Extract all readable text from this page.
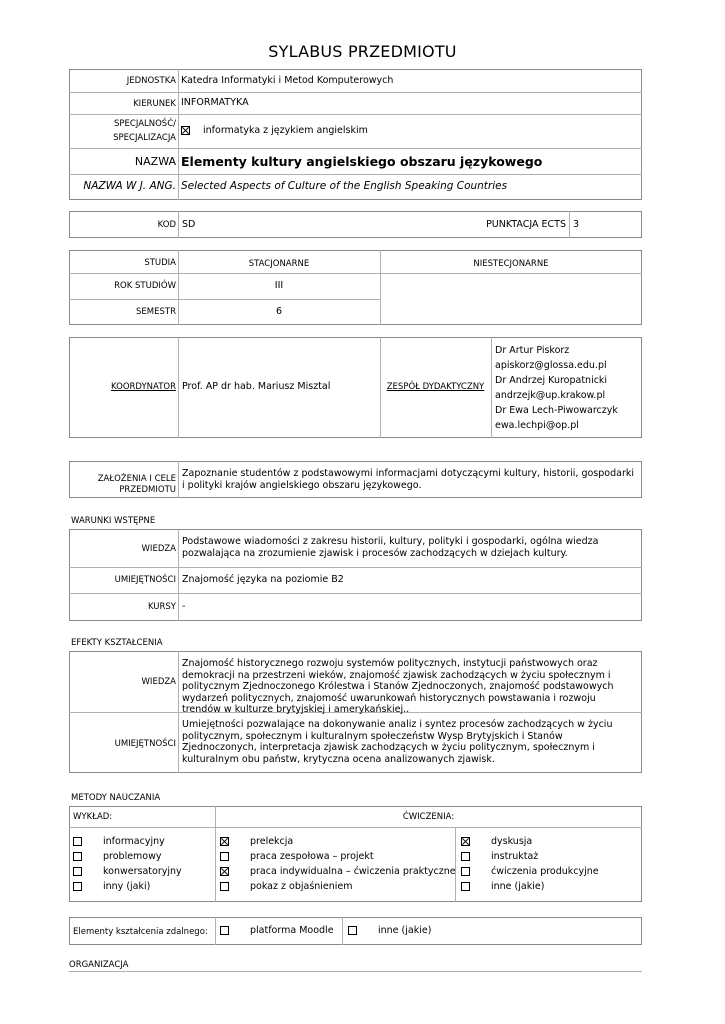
SYLABUS PRZEDMIOTU
JEDNOSTKA Katedra Informatyki i Metod Komputerowych
KIERUNEK INFORMATYKA
SPECJALNOŚĆ/
SPECJALIZACJA
informatyka z językiem angielskim
NAZWA Elementy kultury angielskiego obszaru językowego
NAZWA W J. ANG. Selected Aspects of Culture of the English Speaking Countries
KOD SD	PUNKTACJA ECTS 3
STUDIA	STACJONARNE	NIESTECJONARNE
ROK STUDIÓW	III
SEMESTR	6
KOORDYNATOR Prof. AP dr hab. Mariusz Misztal	ZESPÓŁ DYDAKTYCZNY
Dr Artur Piskorz
apiskorz@glossa.edu.pl
Dr Andrzej Kuropatnicki
andrzejk@up.krakow.pl
Dr Ewa Lech-Piwowarczyk
ewa.lechpi@op.pl
ZAŁOŻENIA I CELE
PRZEDMIOTU
Zapoznanie studentów z podstawowymi informacjami dotyczącymi kultury, historii, gospodarki i polityki krajów angielskiego obszaru językowego.
WARUNKI WSTĘPNE
WIEDZA
Podstawowe wiadomości z zakresu historii, kultury, polityki i gospodarki, ogólna wiedza pozwalająca na zrozumienie zjawisk i procesów zachodzących w dziejach kultury.
UMIEJĘTNOŚCI Znajomość języka na poziomie B2
KURSY -
EFEKTY KSZTAŁCENIA
WIEDZA
Znajomość historycznego rozwoju systemów politycznych, instytucji państwowych oraz demokracji na przestrzeni wieków, znajomość zjawisk zachodzących w życiu społecznym i politycznym Zjednoczonego Królestwa i Stanów Zjednoczonych, znajomość podstawowych wydarzeń politycznych, znajomość uwarunkowań historycznych powstawania i rozwoju trendów w kulturze brytyjskiej i amerykańskiej..
UMIEJĘTNOŚCI
Umiejętności pozwalające na dokonywanie analiz i syntez procesów zachodzących w życiu politycznym, społecznym i kulturalnym społeczeństw Wysp Brytyjskich i Stanów Zjednoczonych, interpretacja zjawisk zachodzących w życiu politycznym, społecznym i kulturalnym obu państw, krytyczna ocena analizowanych zjawisk.
METODY NAUCZANIA
WYKŁAD:	ĆWICZENIA:
informacyjny
problemowy
konwersatoryjny
inny (jaki)
prelekcja
praca zespołowa – projekt
praca indywidualna – ćwiczenia praktyczne
pokaz z objaśnieniem
dyskusja
instruktaż
ćwiczenia produkcyjne
inne (jakie)
Elementy kształcenia zdalnego:	platforma Moodle	inne (jakie)
ORGANIZACJA
